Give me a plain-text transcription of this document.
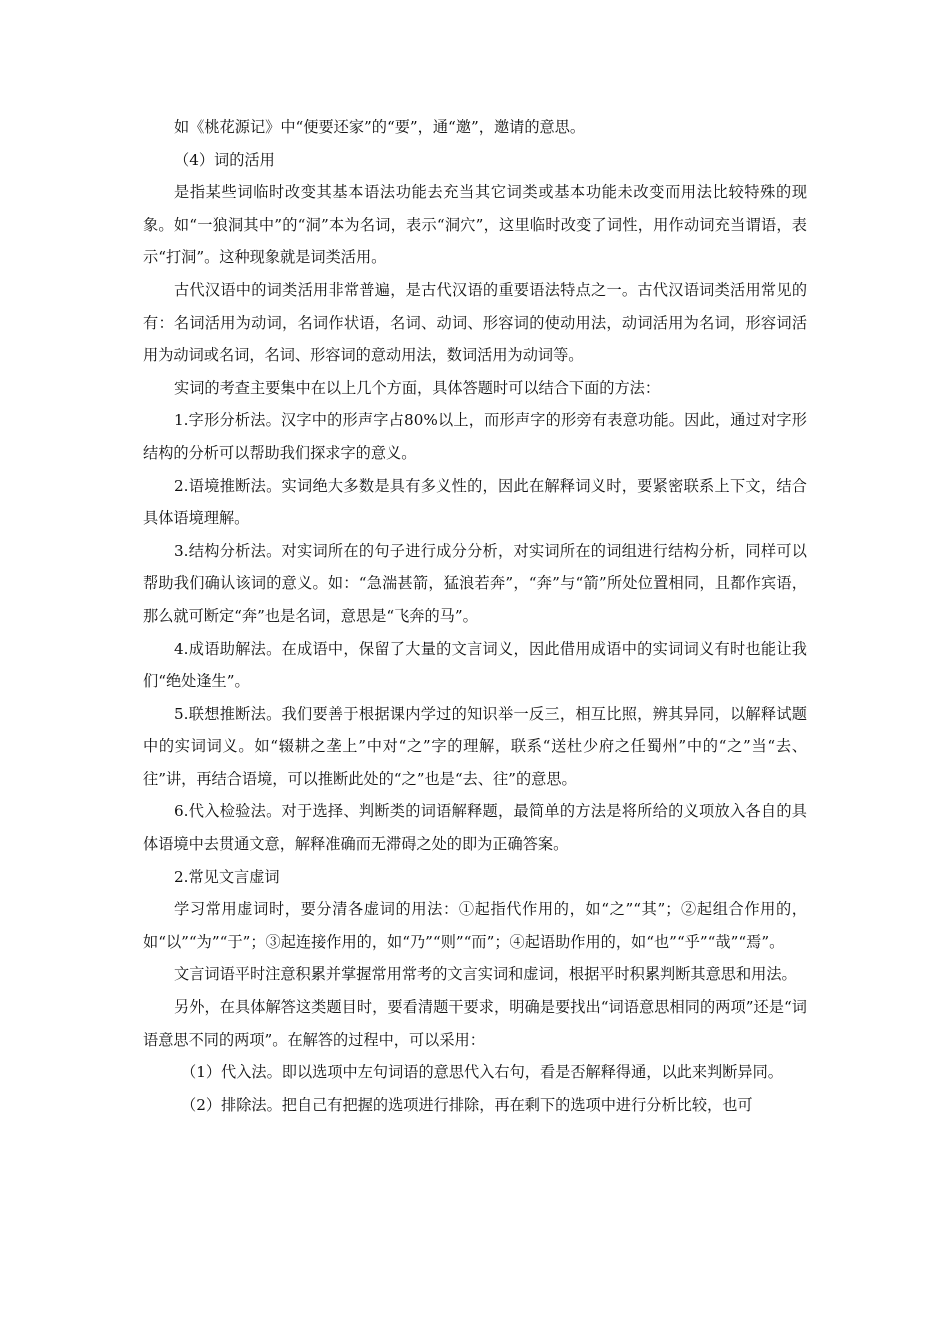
如《桃花源记》中“便要还家”的“要”，通“邀”，邀请的意思。

（4）词的活用

是指某些词临时改变其基本语法功能去充当其它词类或基本功能未改变而用法比较特殊的现象。如“一狼洞其中”的“洞”本为名词，表示“洞穴”，这里临时改变了词性，用作动词充当谓语，表示“打洞”。这种现象就是词类活用。

古代汉语中的词类活用非常普遍，是古代汉语的重要语法特点之一。古代汉语词类活用常见的有：名词活用为动词，名词作状语，名词、动词、形容词的使动用法，动词活用为名词，形容词活用为动词或名词，名词、形容词的意动用法，数词活用为动词等。

实词的考查主要集中在以上几个方面，具体答题时可以结合下面的方法：

1.字形分析法。汉字中的形声字占80%以上，而形声字的形旁有表意功能。因此，通过对字形结构的分析可以帮助我们探求字的意义。

2.语境推断法。实词绝大多数是具有多义性的，因此在解释词义时，要紧密联系上下文，结合具体语境理解。

3.结构分析法。对实词所在的句子进行成分分析，对实词所在的词组进行结构分析，同样可以帮助我们确认该词的意义。如：“急湍甚箭，猛浪若奔”，“奔”与“箭”所处位置相同，且都作宾语，那么就可断定“奔”也是名词，意思是“飞奔的马”。

4.成语助解法。在成语中，保留了大量的文言词义，因此借用成语中的实词词义有时也能让我们“绝处逢生”。

5.联想推断法。我们要善于根据课内学过的知识举一反三，相互比照，辨其异同，以解释试题中的实词词义。如“辍耕之垄上”中对“之”字的理解，联系“送杜少府之任蜀州”中的“之”当“去、往”讲，再结合语境，可以推断此处的“之”也是“去、往”的意思。

6.代入检验法。对于选择、判断类的词语解释题，最简单的方法是将所给的义项放入各自的具体语境中去贯通文意，解释准确而无滞碍之处的即为正确答案。

2.常见文言虚词

学习常用虚词时，要分清各虚词的用法：①起指代作用的，如“之”“其”；②起组合作用的，如“以”“为”“于”；③起连接作用的，如“乃”“则”“而”；④起语助作用的，如“也”“乎”“哉”“焉”。

文言词语平时注意积累并掌握常用常考的文言实词和虚词，根据平时积累判断其意思和用法。

另外，在具体解答这类题目时，要看清题干要求，明确是要找出“词语意思相同的两项”还是“词语意思不同的两项”。在解答的过程中，可以采用：

（1）代入法。即以选项中左句词语的意思代入右句，看是否解释得通，以此来判断异同。

（2）排除法。把自己有把握的选项进行排除，再在剩下的选项中进行分析比较，也可
